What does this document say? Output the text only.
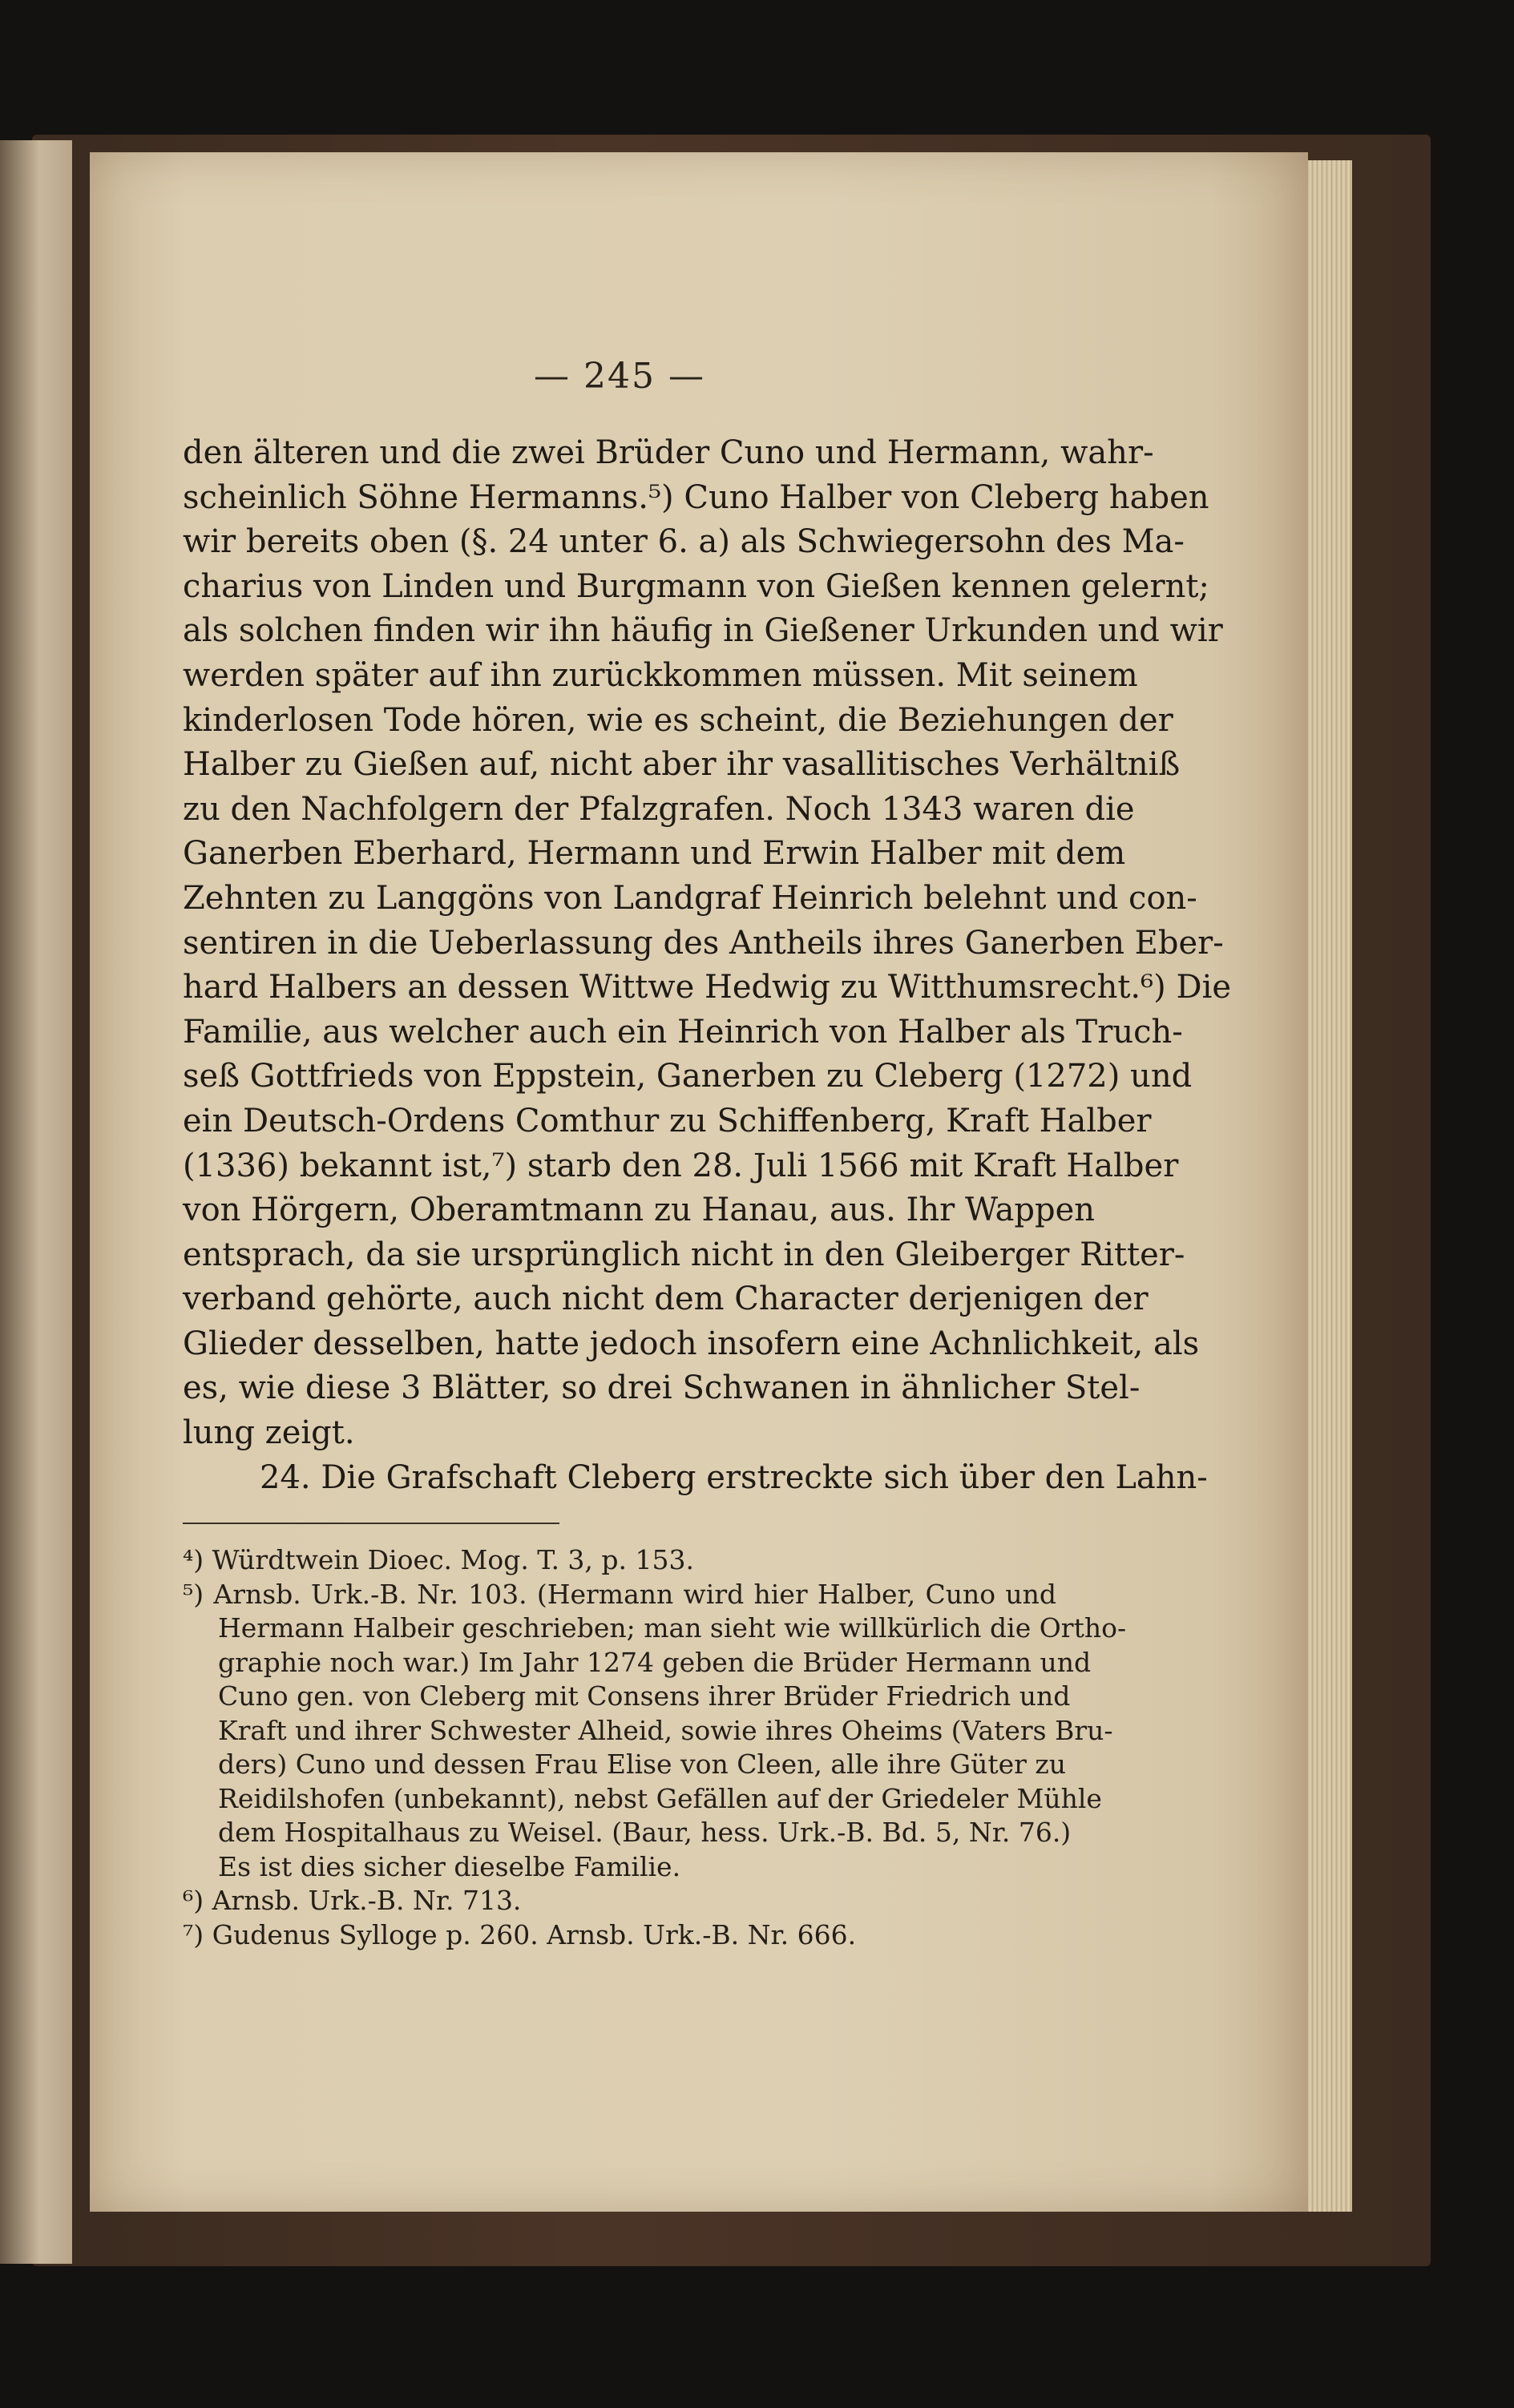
— 245 —
den älteren und die zwei Brüder Cuno und Hermann, wahr-
scheinlich Söhne Hermanns.⁵) Cuno Halber von Cleberg haben
wir bereits oben (§. 24 unter 6. a) als Schwiegersohn des Ma-
charius von Linden und Burgmann von Gießen kennen gelernt;
als solchen finden wir ihn häufig in Gießener Urkunden und wir
werden später auf ihn zurückkommen müssen. Mit seinem
kinderlosen Tode hören, wie es scheint, die Beziehungen der
Halber zu Gießen auf, nicht aber ihr vasallitisches Verhältniß
zu den Nachfolgern der Pfalzgrafen. Noch 1343 waren die
Ganerben Eberhard, Hermann und Erwin Halber mit dem
Zehnten zu Langgöns von Landgraf Heinrich belehnt und con-
sentiren in die Ueberlassung des Antheils ihres Ganerben Eber-
hard Halbers an dessen Wittwe Hedwig zu Witthumsrecht.⁶) Die
Familie, aus welcher auch ein Heinrich von Halber als Truch-
seß Gottfrieds von Eppstein, Ganerben zu Cleberg (1272) und
ein Deutsch-Ordens Comthur zu Schiffenberg, Kraft Halber
(1336) bekannt ist,⁷) starb den 28. Juli 1566 mit Kraft Halber
von Hörgern, Oberamtmann zu Hanau, aus. Ihr Wappen
entsprach, da sie ursprünglich nicht in den Gleiberger Ritter-
verband gehörte, auch nicht dem Character derjenigen der
Glieder desselben, hatte jedoch insofern eine Achnlichkeit, als
es, wie diese 3 Blätter, so drei Schwanen in ähnlicher Stel-
lung zeigt.
24. Die Grafschaft Cleberg erstreckte sich über den Lahn-
⁴) Würdtwein Dioec. Mog. T. 3, p. 153.
⁵) Arnsb. Urk.-B. Nr. 103. (Hermann wird hier Halber, Cuno und
Hermann Halbeir geschrieben; man sieht wie willkürlich die Ortho-
graphie noch war.) Im Jahr 1274 geben die Brüder Hermann und
Cuno gen. von Cleberg mit Consens ihrer Brüder Friedrich und
Kraft und ihrer Schwester Alheid, sowie ihres Oheims (Vaters Bru-
ders) Cuno und dessen Frau Elise von Cleen, alle ihre Güter zu
Reidilshofen (unbekannt), nebst Gefällen auf der Griedeler Mühle
dem Hospitalhaus zu Weisel. (Baur, hess. Urk.-B. Bd. 5, Nr. 76.)
Es ist dies sicher dieselbe Familie.
⁶) Arnsb. Urk.-B. Nr. 713.
⁷) Gudenus Sylloge p. 260. Arnsb. Urk.-B. Nr. 666.
